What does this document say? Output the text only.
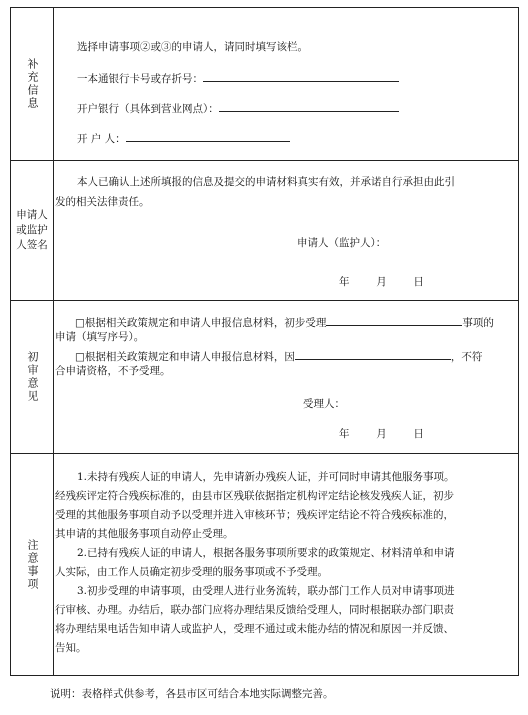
补充信息
选择申请事项②或③的申请人，请同时填写该栏。
一本通银行卡号或存折号：
开户银行（具体到营业网点）：
开 户 人：
申请人或监护人签名
本人已确认上述所填报的信息及提交的申请材料真实有效，并承诺自行承担由此引
发的相关法律责任。
申请人（监护人）：
年        月        日
初审意见
□根据相关政策规定和申请人申报信息材料，初步受理	事项的
申请（填写序号）。
□根据相关政策规定和申请人申报信息材料，因	，不符
合申请资格，不予受理。
受理人：
年        月        日
注意事项
1.未持有残疾人证的申请人，先申请新办残疾人证，并可同时申请其他服务事项。
经残疾评定符合残疾标准的，由县市区残联依据指定机构评定结论核发残疾人证，初步
受理的其他服务事项自动予以受理并进入审核环节；残疾评定结论不符合残疾标准的，
其申请的其他服务事项自动停止受理。
2.已持有残疾人证的申请人，根据各服务事项所要求的政策规定、材料清单和申请
人实际，由工作人员确定初步受理的服务事项或不予受理。
3.初步受理的申请事项，由受理人进行业务流转，联办部门工作人员对申请事项进
行审核、办理。办结后，联办部门应将办理结果反馈给受理人，同时根据联办部门职责
将办理结果电话告知申请人或监护人，受理不通过或未能办结的情况和原因一并反馈、
告知。
说明：表格样式供参考，各县市区可结合本地实际调整完善。
